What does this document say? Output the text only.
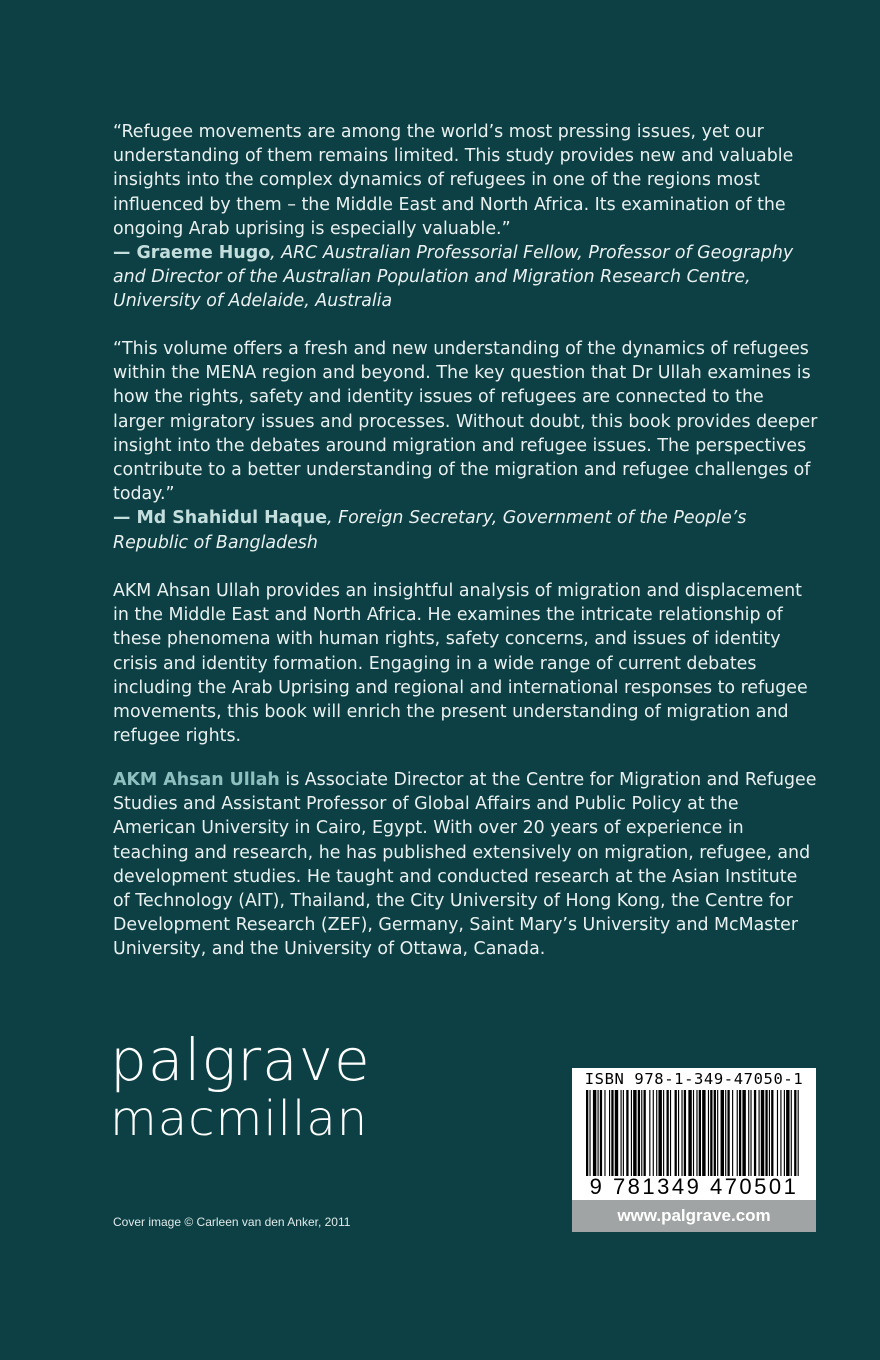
“Refugee movements are among the world’s most pressing issues, yet our understanding of them remains limited. This study provides new and valuable insights into the complex dynamics of refugees in one of the regions most influenced by them – the Middle East and North Africa. Its examination of the ongoing Arab uprising is especially valuable.”

— Graeme Hugo, ARC Australian Professorial Fellow, Professor of Geography and Director of the Australian Population and Migration Research Centre, University of Adelaide, Australia

“This volume offers a fresh and new understanding of the dynamics of refugees within the MENA region and beyond. The key question that Dr Ullah examines is how the rights, safety and identity issues of refugees are connected to the larger migratory issues and processes. Without doubt, this book provides deeper insight into the debates around migration and refugee issues. The perspectives contribute to a better understanding of the migration and refugee challenges of today.”

— Md Shahidul Haque, Foreign Secretary, Government of the People’s Republic of Bangladesh

AKM Ahsan Ullah provides an insightful analysis of migration and displacement in the Middle East and North Africa. He examines the intricate relationship of these phenomena with human rights, safety concerns, and issues of identity crisis and identity formation. Engaging in a wide range of current debates including the Arab Uprising and regional and international responses to refugee movements, this book will enrich the present understanding of migration and refugee rights.

AKM Ahsan Ullah is Associate Director at the Centre for Migration and Refugee Studies and Assistant Professor of Global Affairs and Public Policy at the American University in Cairo, Egypt. With over 20 years of experience in teaching and research, he has published extensively on migration, refugee, and development studies. He taught and conducted research at the Asian Institute of Technology (AIT), Thailand, the City University of Hong Kong, the Centre for Development Research (ZEF), Germany, Saint Mary’s University and McMaster University, and the University of Ottawa, Canada.

palgrave
macmillan
Cover image © Carleen van den Anker, 2011
ISBN 978-1-349-47050-1
9 781349 470501
www.palgrave.com
